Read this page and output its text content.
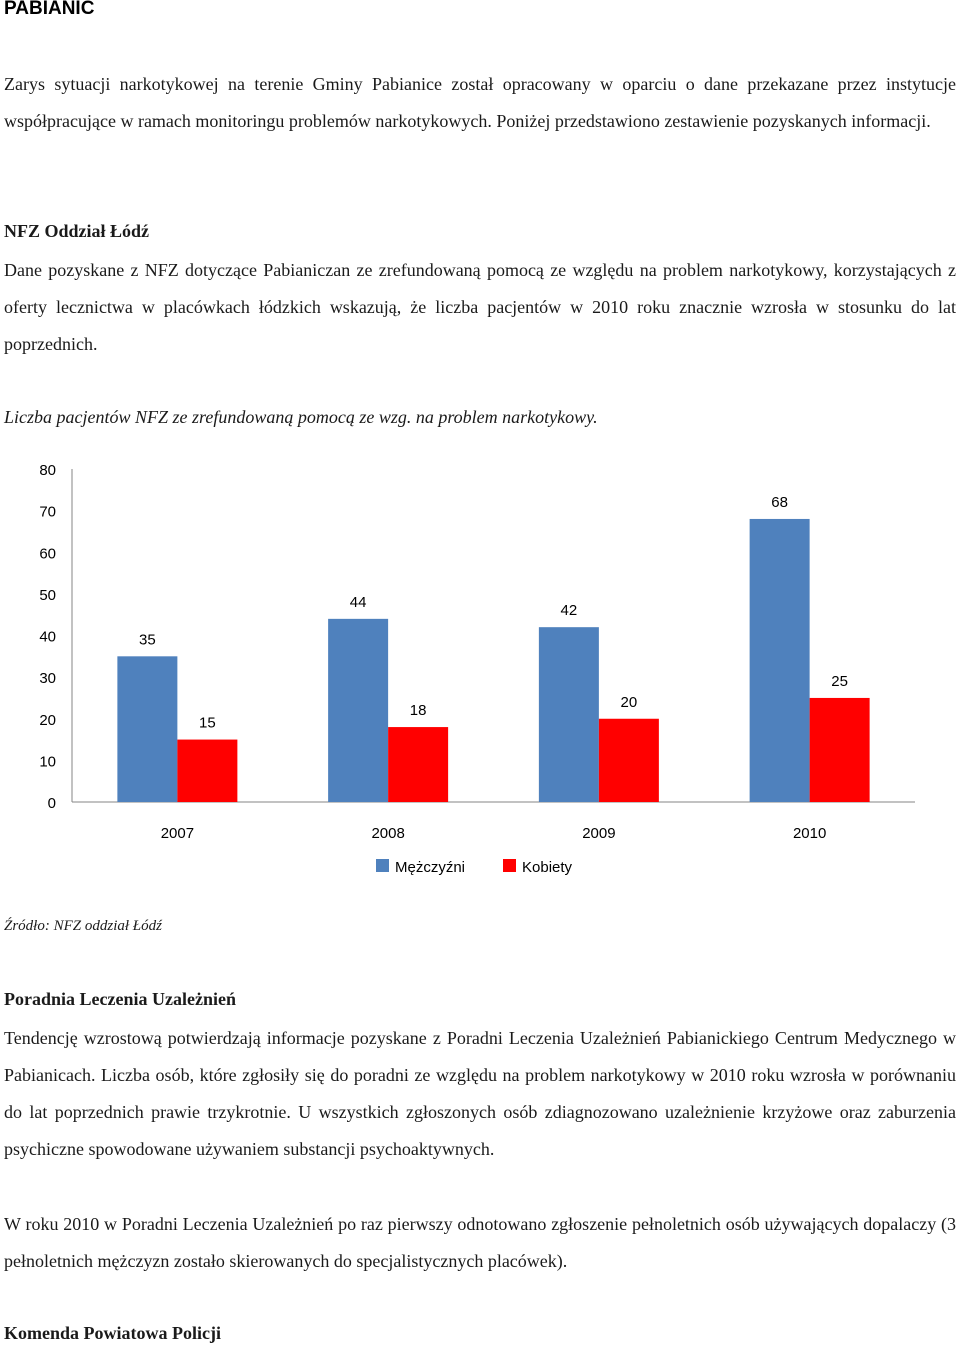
PABIANIC

Zarys sytuacji narkotykowej na terenie Gminy Pabianice został opracowany w oparciu o dane przekazane przez instytucje współpracujące w ramach monitoringu problemów narkotykowych. Poniżej przedstawiono zestawienie pozyskanych informacji.

NFZ Oddział Łódź

Dane pozyskane z NFZ dotyczące Pabianiczan ze zrefundowaną pomocą ze względu na problem narkotykowy, korzystających z oferty lecznictwa w placówkach łódzkich wskazują, że liczba pacjentów w 2010 roku znacznie wzrosła w stosunku do lat poprzednich.

Liczba pacjentów NFZ ze zrefundowaną pomocą ze wzg. na problem narkotykowy.

0
10
20
30
40
50
60
70
80
35
15
2007
44
18
2008
42
20
2009
68
25
2010
Mężczyźni	Kobiety

Źródło: NFZ oddział Łódź

Poradnia Leczenia Uzależnień

Tendencję wzrostową potwierdzają informacje pozyskane z Poradni Leczenia Uzależnień Pabianickiego Centrum Medycznego w Pabianicach. Liczba osób, które zgłosiły się do poradni ze względu na problem narkotykowy w 2010 roku wzrosła w porównaniu do lat poprzednich prawie trzykrotnie. U wszystkich zgłoszonych osób zdiagnozowano uzależnienie krzyżowe oraz zaburzenia psychiczne spowodowane używaniem substancji psychoaktywnych.

W roku 2010 w Poradni Leczenia Uzależnień po raz pierwszy odnotowano zgłoszenie pełnoletnich osób używających dopalaczy (3 pełnoletnich mężczyzn zostało skierowanych do specjalistycznych placówek).

Komenda Powiatowa Policji
